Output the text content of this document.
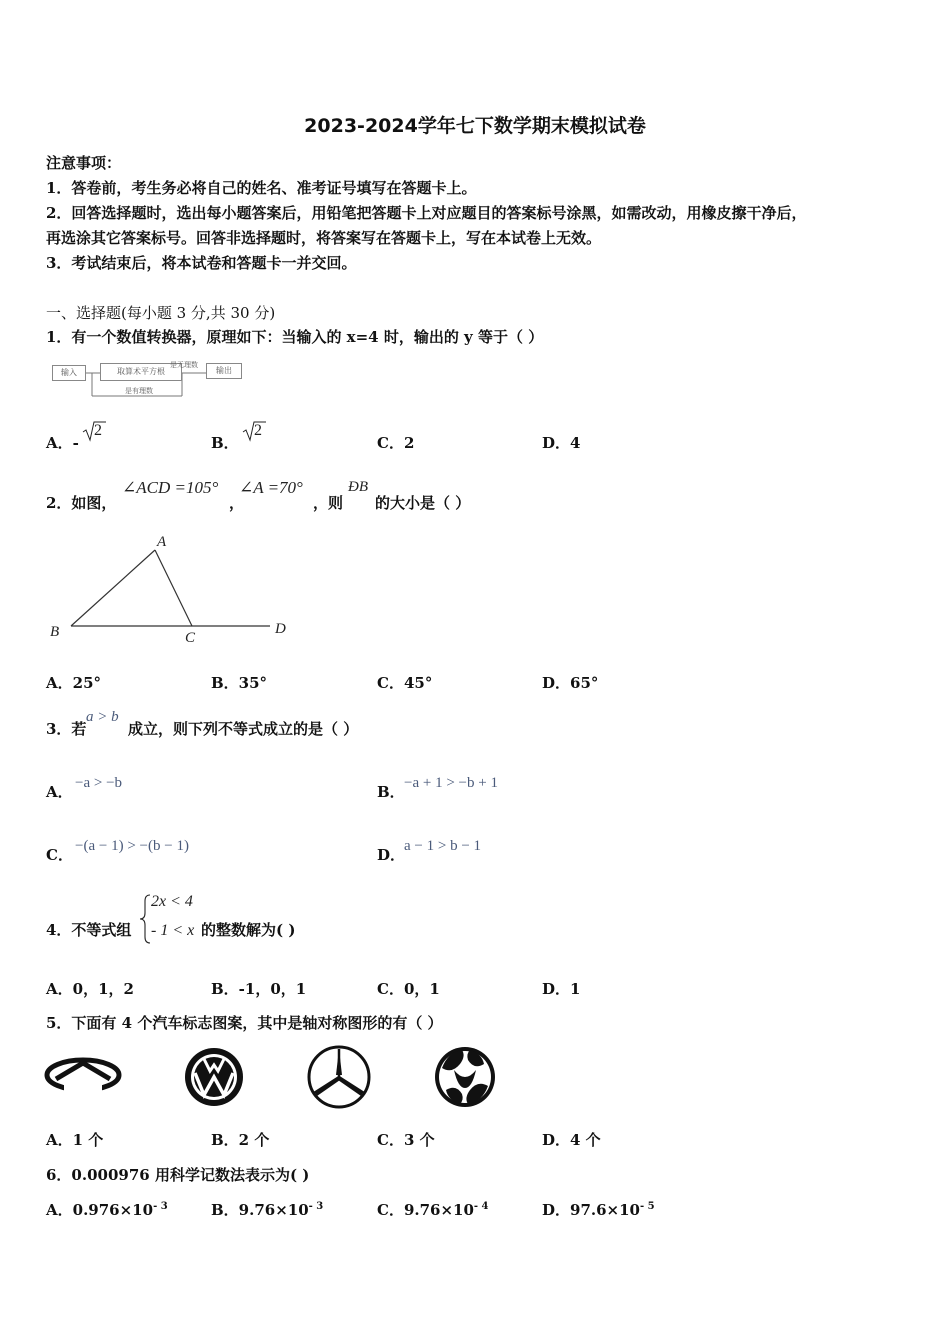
2023-2024学年七下数学期末模拟试卷
注意事项：
1．答卷前，考生务必将自己的姓名、准考证号填写在答题卡上。
2．回答选择题时，选出每小题答案后，用铅笔把答题卡上对应题目的答案标号涂黑，如需改动，用橡皮擦干净后，
再选涂其它答案标号。回答非选择题时，将答案写在答题卡上，写在本试卷上无效。
3．考试结束后，将本试卷和答题卡一并交回。
一、选择题(每小题 3 分,共 30 分)
1．有一个数值转换器，原理如下：当输入的 x=4 时，输出的 y 等于（ ）
输入	取算术平方根
是无理数
输出
是有理数
A．-
2
B．
2
C．2	D．4
2．如图，
∠ACD =105°
，
∠A =70°
，则
ÐB
的大小是（ ）
A
B	C
D
A．25°	B．35°	C．45°	D．65°
3．若
a > b
成立，则下列不等式成立的是（ ）
A． −a > −b	B． −a + 1 > −b + 1
C． −(a − 1) > −(b − 1)	D．
a − 1 > b − 1
4．不等式组
2x < 4
- 1 < x 的整数解为( )
A．0，1，2	B．-1，0，1	C．0，1	D．1
5．下面有 4 个汽车标志图案，其中是轴对称图形的有（ ）
A．1 个	B．2 个	C．3 个	D．4 个
6．0.000976 用科学记数法表示为( )
A．$0.976\times 10^{- 3}$	B．$9.76\times 10^{- 3}$	C．$9.76\times 10^{- 4}$	D．$97.6\times 10^{- 5}$
